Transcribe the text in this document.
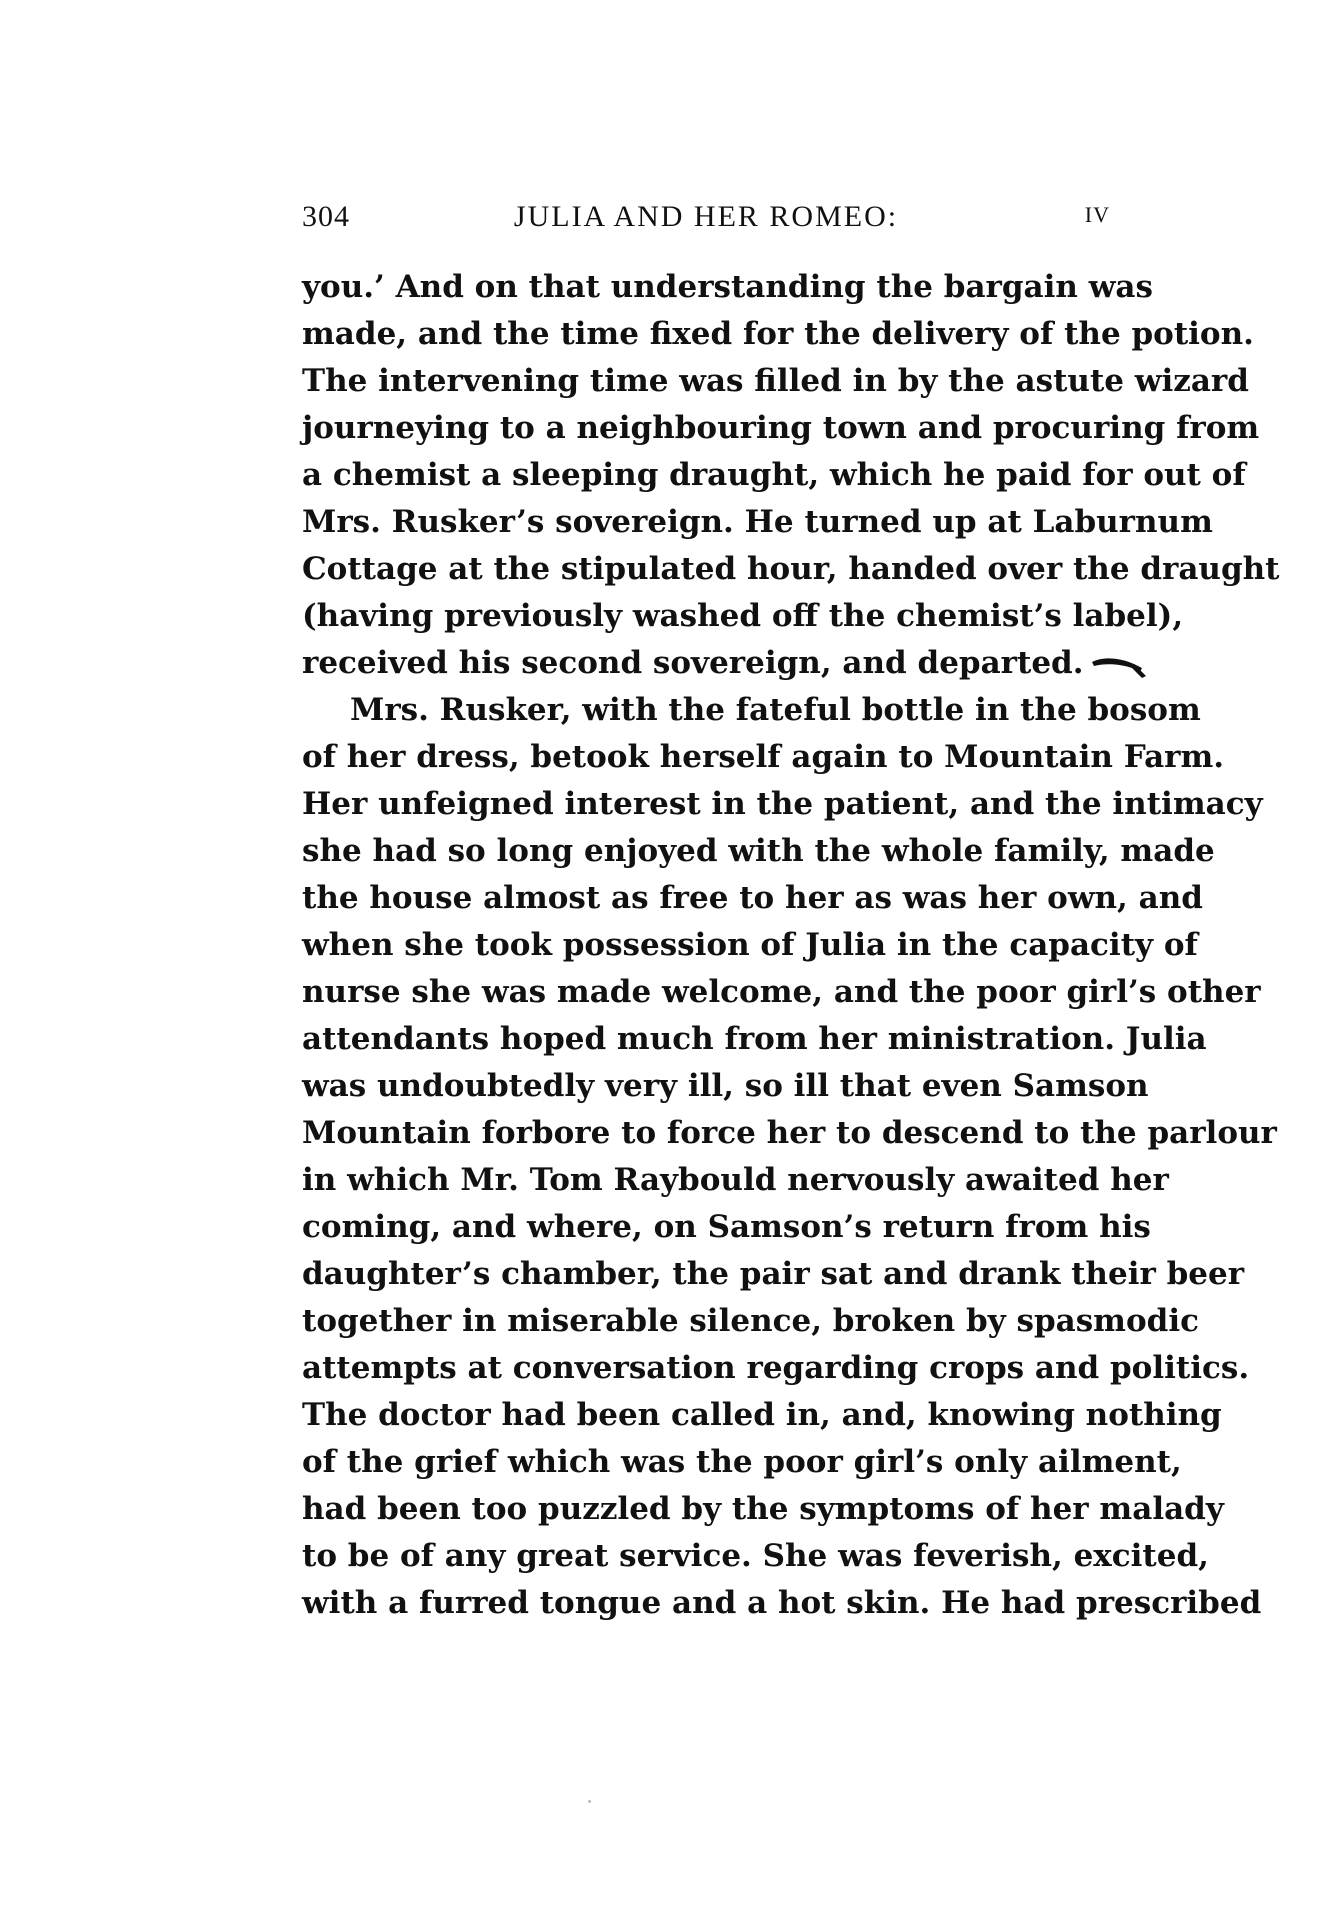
304	JULIA AND HER ROMEO:	IV
you.’ And on that understanding the bargain was
made, and the time fixed for the delivery of the potion.
The intervening time was filled in by the astute wizard
journeying to a neighbouring town and procuring from
a chemist a sleeping draught, which he paid for out of
Mrs. Rusker’s sovereign. He turned up at Laburnum
Cottage at the stipulated hour, handed over the draught
(having previously washed off the chemist’s label),
received his second sovereign, and departed.
Mrs. Rusker, with the fateful bottle in the bosom
of her dress, betook herself again to Mountain Farm.
Her unfeigned interest in the patient, and the intimacy
she had so long enjoyed with the whole family, made
the house almost as free to her as was her own, and
when she took possession of Julia in the capacity of
nurse she was made welcome, and the poor girl’s other
attendants hoped much from her ministration. Julia
was undoubtedly very ill, so ill that even Samson
Mountain forbore to force her to descend to the parlour
in which Mr. Tom Raybould nervously awaited her
coming, and where, on Samson’s return from his
daughter’s chamber, the pair sat and drank their beer
together in miserable silence, broken by spasmodic
attempts at conversation regarding crops and politics.
The doctor had been called in, and, knowing nothing
of the grief which was the poor girl’s only ailment,
had been too puzzled by the symptoms of her malady
to be of any great service. She was feverish, excited,
with a furred tongue and a hot skin. He had prescribed
